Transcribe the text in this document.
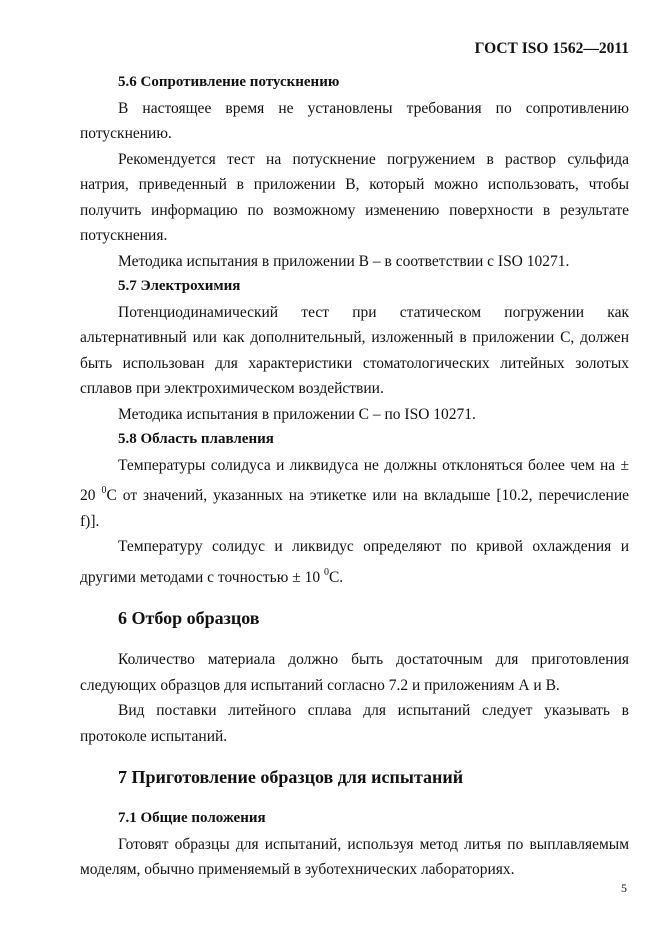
ГОСТ ISO 1562—2011
5.6 Сопротивление потускнению

В настоящее время не установлены требования по сопротивлению потускнению.

Рекомендуется тест на потускнение погружением в раствор сульфида натрия, приведенный в приложении В, который можно использовать, чтобы получить информацию по возможному изменению поверхности в результате потускнения.

Методика испытания в приложении В – в соответствии с ISO 10271.

5.7 Электрохимия

Потенциодинамический тест при статическом погружении как альтернативный или как дополнительный, изложенный в приложении С, должен быть использован для характеристики стоматологических литейных золотых сплавов при электрохимическом воздействии.

Методика испытания в приложении С – по ISO 10271.

5.8 Область плавления

Температуры солидуса и ликвидуса не должны отклоняться более чем на ± 20 $^0$С от значений, указанных на этикетке или на вкладыше [10.2, перечисление f)].

Температуру солидус и ликвидус определяют по кривой охлаждения и другими методами с точностью ± 10 $^0$С.

6 Отбор образцов

Количество материала должно быть достаточным для приготовления следующих образцов для испытаний согласно 7.2 и приложениям А и В.

Вид поставки литейного сплава для испытаний следует указывать в протоколе испытаний.

7 Приготовление образцов для испытаний
7.1 Общие положения

Готовят образцы для испытаний, используя метод литья по выплавляемым моделям, обычно применяемый в зуботехнических лабораториях.

5
